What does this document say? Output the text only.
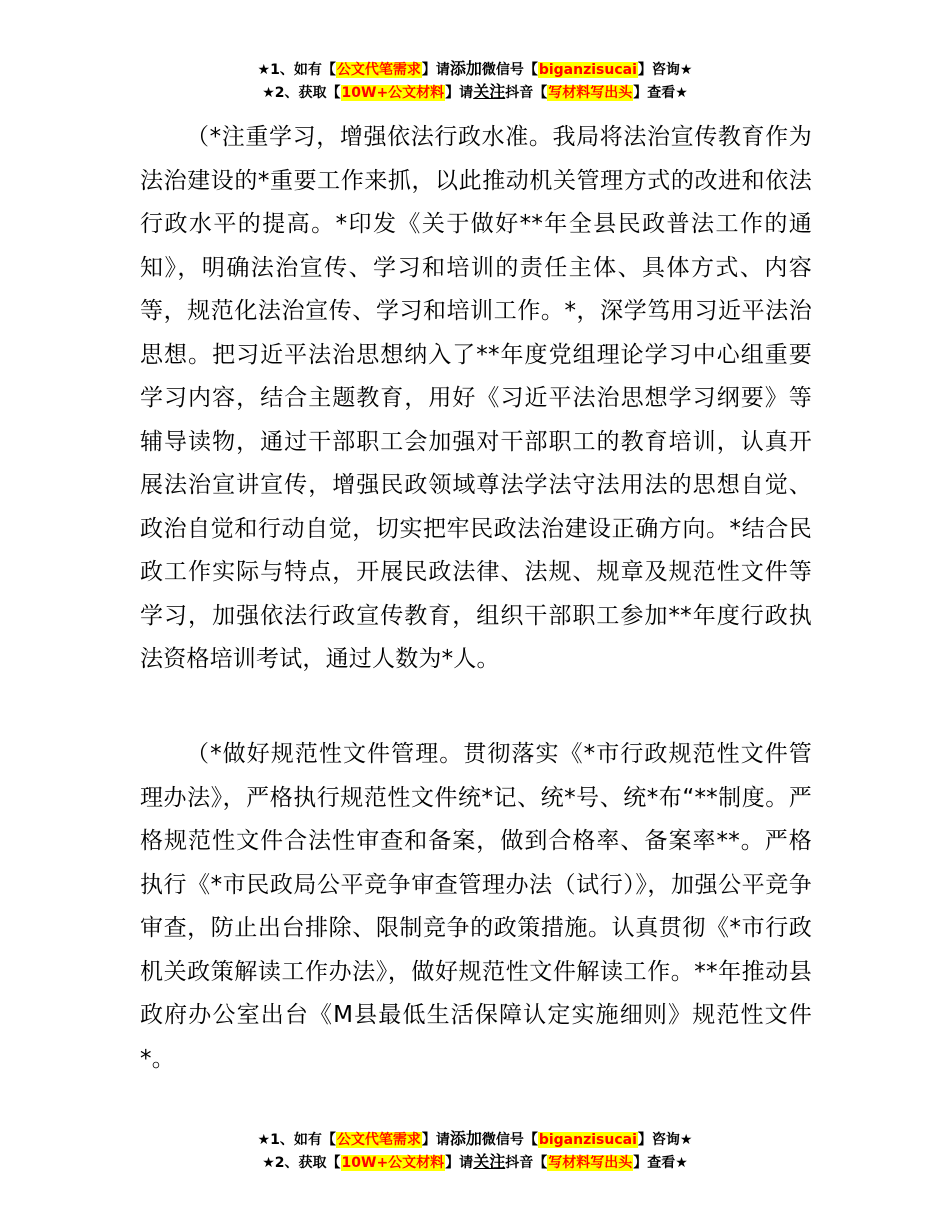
★1、如有【公文代笔需求】请添加微信号【biganzisucai】咨询★
★2、获取【10W+公文材料】请关注抖音【写材料写出头】查看★

（*注重学习，增强依法行政水准。我局将法治宣传教育作为法治建设的*重要工作来抓，以此推动机关管理方式的改进和依法行政水平的提高。*印发《关于做好**年全县民政普法工作的通知》，明确法治宣传、学习和培训的责任主体、具体方式、内容等，规范化法治宣传、学习和培训工作。*，深学笃用习近平法治思想。把习近平法治思想纳入了**年度党组理论学习中心组重要学习内容，结合主题教育，用好《习近平法治思想学习纲要》等辅导读物，通过干部职工会加强对干部职工的教育培训，认真开展法治宣讲宣传，增强民政领域尊法学法守法用法的思想自觉、政治自觉和行动自觉，切实把牢民政法治建设正确方向。*结合民政工作实际与特点，开展民政法律、法规、规章及规范性文件等学习，加强依法行政宣传教育，组织干部职工参加**年度行政执法资格培训考试，通过人数为*人。

（*做好规范性文件管理。贯彻落实《*市行政规范性文件管理办法》，严格执行规范性文件统*记、统*号、统*布“**制度。严格规范性文件合法性审查和备案，做到合格率、备案率**。严格执行《*市民政局公平竞争审查管理办法（试行）》，加强公平竞争审查，防止出台排除、限制竞争的政策措施。认真贯彻《*市行政机关政策解读工作办法》，做好规范性文件解读工作。**年推动县政府办公室出台《M县最低生活保障认定实施细则》规范性文件*。

★1、如有【公文代笔需求】请添加微信号【biganzisucai】咨询★
★2、获取【10W+公文材料】请关注抖音【写材料写出头】查看★
